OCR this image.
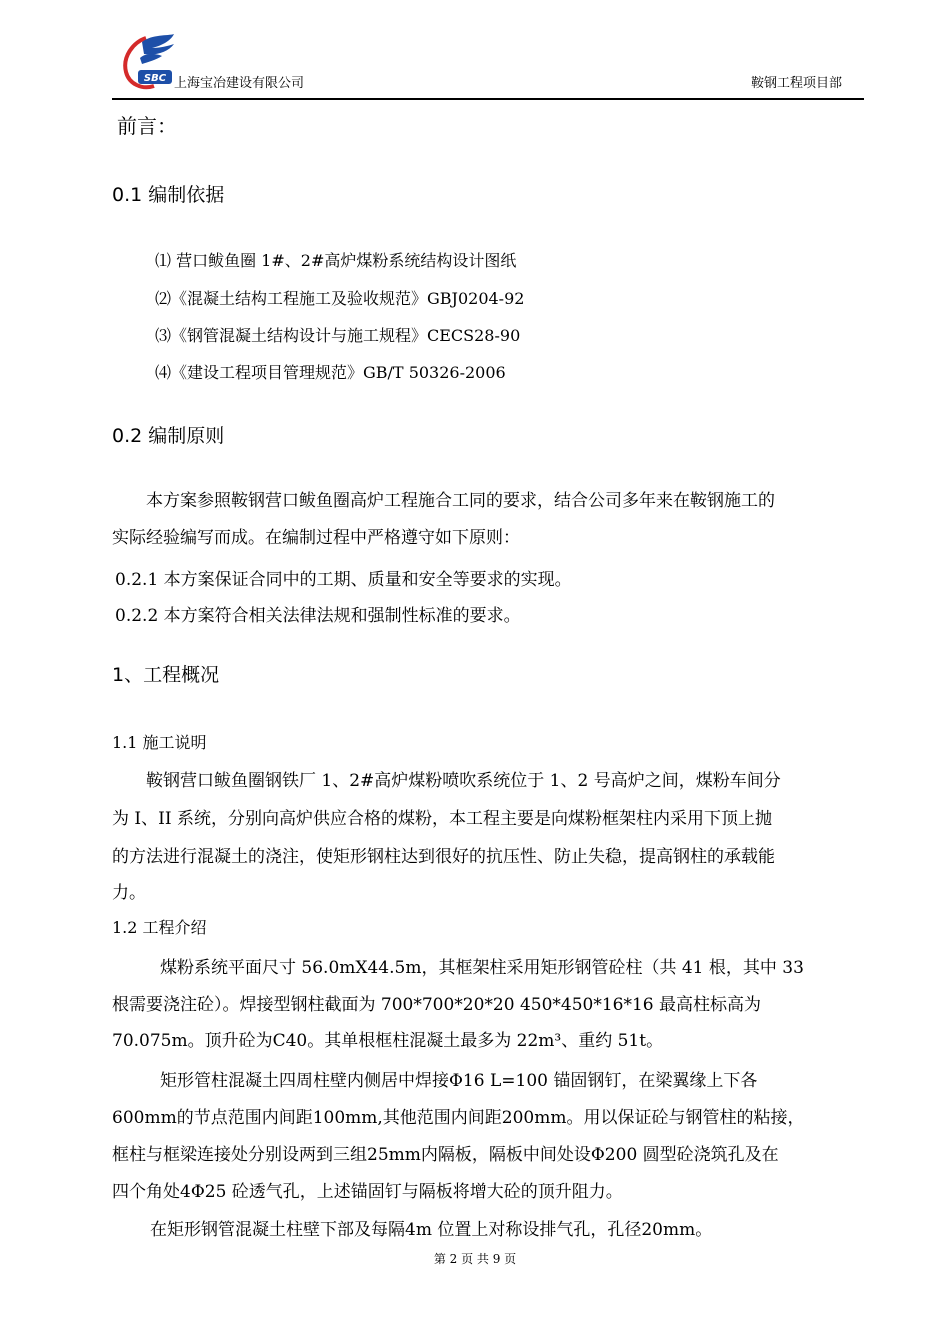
SBC 上海宝冶建设有限公司	鞍钢工程项目部
前言：
0.1 编制依据
⑴ 营口鲅鱼圈 1#、2#高炉煤粉系统结构设计图纸
⑵《混凝土结构工程施工及验收规范》GBJ0204-92
⑶《钢管混凝土结构设计与施工规程》CECS28-90
⑷《建设工程项目管理规范》GB/T 50326-2006
0.2 编制原则
本方案参照鞍钢营口鲅鱼圈高炉工程施合工同的要求，结合公司多年来在鞍钢施工的
实际经验编写而成。在编制过程中严格遵守如下原则：
0.2.1 本方案保证合同中的工期、质量和安全等要求的实现。
0.2.2 本方案符合相关法律法规和强制性标准的要求。
1、工程概况
1.1 施工说明
鞍钢营口鲅鱼圈钢铁厂 1、2#高炉煤粉喷吹系统位于 1、2 号高炉之间，煤粉车间分
为 I、II 系统，分别向高炉供应合格的煤粉，本工程主要是向煤粉框架柱内采用下顶上抛
的方法进行混凝土的浇注，使矩形钢柱达到很好的抗压性、防止失稳，提高钢柱的承载能
力。
1.2 工程介绍
煤粉系统平面尺寸 56.0mX44.5m，其框架柱采用矩形钢管砼柱（共 41 根，其中 33
根需要浇注砼）。焊接型钢柱截面为 700*700*20*20 450*450*16*16 最高柱标高为
70.075m。顶升砼为C40。其单根框柱混凝土最多为 22m³、重约 51t。
矩形管柱混凝土四周柱壁内侧居中焊接Φ16 L=100 锚固钢钉，在梁翼缘上下各
600mm的节点范围内间距100mm,其他范围内间距200mm。用以保证砼与钢管柱的粘接，
框柱与框梁连接处分别设两到三组25mm内隔板，隔板中间处设Φ200 圆型砼浇筑孔及在
四个角处4Φ25 砼透气孔，上述锚固钉与隔板将增大砼的顶升阻力。
在矩形钢管混凝土柱壁下部及每隔4m 位置上对称设排气孔，孔径20mm。
第 2 页 共 9 页
